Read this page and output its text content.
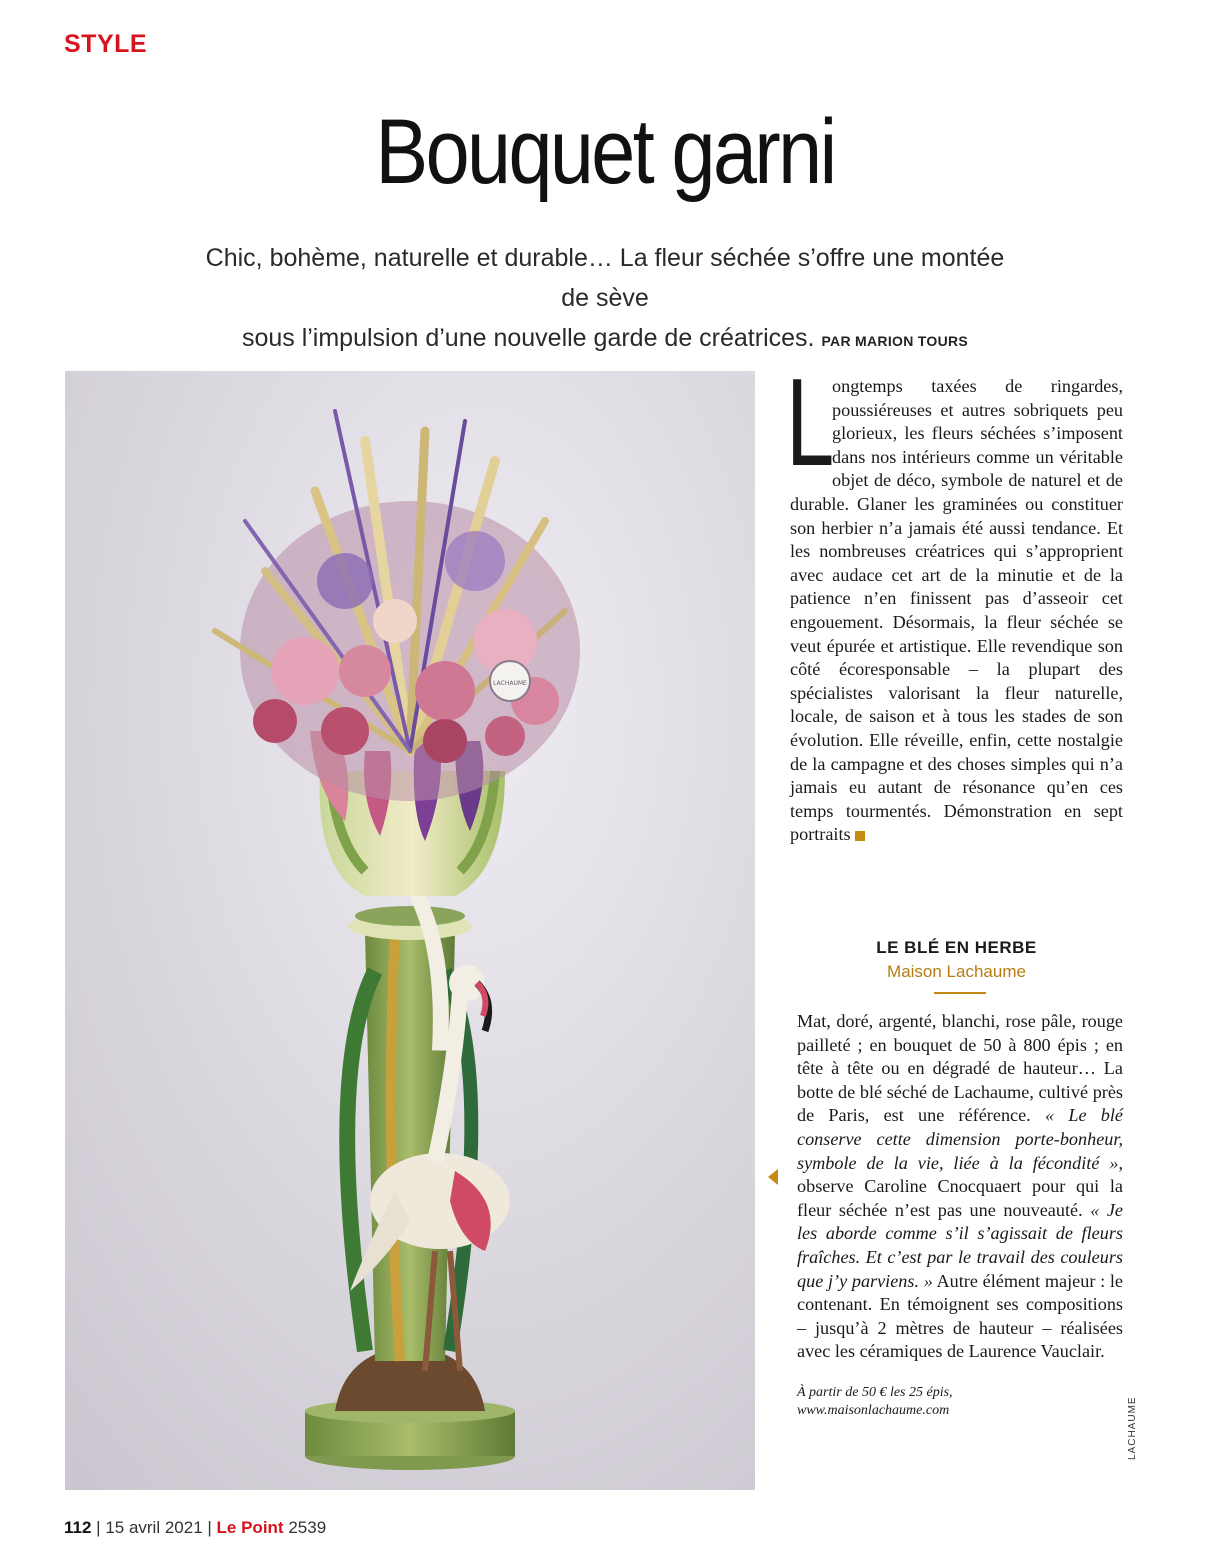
STYLE
Bouquet garni
Chic, bohème, naturelle et durable… La fleur séchée s’offre une montée de sève
sous l’impulsion d’une nouvelle garde de créatrices. PAR MARION TOURS
LACHAUME
L
ongtemps taxées de ringardes, poussiéreuses et autres sobriquets peu glorieux, les fleurs séchées s’imposent dans nos intérieurs comme un véritable objet de déco, symbole de naturel et de durable. Glaner les graminées ou constituer son herbier n’a jamais été aussi tendance. Et les nombreuses créatrices qui s’approprient avec audace cet art de la minutie et de la patience n’en finissent pas d’asseoir cet engouement. Désormais, la fleur séchée se veut épurée et artistique. Elle revendique son côté écoresponsable – la plupart des spécialistes valorisant la fleur naturelle, locale, de saison et à tous les stades de son évolution. Elle réveille, enfin, cette nostalgie de la campagne et des choses simples qui n’a jamais eu autant de résonance qu’en ces temps tourmentés. Démonstration en sept portraits
LE BLÉ EN HERBE
Maison Lachaume
Mat, doré, argenté, blanchi, rose pâle, rouge pailleté ; en bouquet de 50 à 800 épis ; en tête à tête ou en dégradé de hauteur… La botte de blé séché de Lachaume, cultivé près de Paris, est une référence. « Le blé conserve cette dimension porte-bonheur, symbole de la vie, liée à la fécondité », observe Caroline Cnocquaert pour qui la fleur séchée n’est pas une nouveauté. « Je les aborde comme s’il s’agissait de fleurs fraîches. Et c’est par le travail des couleurs que j’y parviens. » Autre élément majeur : le contenant. En témoignent ses compositions – jusqu’à 2 mètres de hauteur – réalisées avec les céramiques de Laurence Vauclair.
À partir de 50 € les 25 épis,
www.maisonlachaume.com	LACHAUME
112 | 15 avril 2021 | Le Point 2539
